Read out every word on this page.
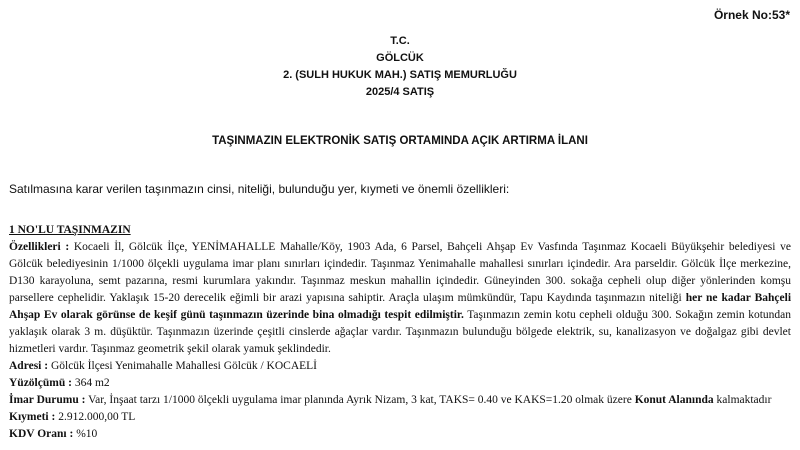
Örnek No:53*
T.C.
GÖLCÜK
2. (SULH HUKUK MAH.) SATIŞ MEMURLUĞU
2025/4 SATIŞ
TAŞINMAZIN ELEKTRONİK SATIŞ ORTAMINDA AÇIK ARTIRMA İLANI
Satılmasına karar verilen taşınmazın cinsi, niteliği, bulunduğu yer, kıymeti ve önemli özellikleri:
1 NO'LU TAŞINMAZIN
Özellikleri : Kocaeli İl, Gölcük İlçe, YENİMAHALLE Mahalle/Köy, 1903 Ada, 6 Parsel, Bahçeli Ahşap Ev Vasfında Taşınmaz Kocaeli Büyükşehir belediyesi ve Gölcük belediyesinin 1/1000 ölçekli uygulama imar planı sınırları içindedir. Taşınmaz Yenimahalle mahallesi sınırları içindedir. Ara parseldir. Gölcük İlçe merkezine, D130 karayoluna, semt pazarına, resmi kurumlara yakındır. Taşınmaz meskun mahallin içindedir. Güneyinden 300. sokağa cepheli olup diğer yönlerinden komşu parsellere cephelidir. Yaklaşık 15-20 derecelik eğimli bir arazi yapısına sahiptir. Araçla ulaşım mümkündür, Tapu Kaydında taşınmazın niteliği her ne kadar Bahçeli Ahşap Ev olarak görünse de keşif günü taşınmazın üzerinde bina olmadığı tespit edilmiştir. Taşınmazın zemin kotu cepheli olduğu 300. Sokağın zemin kotundan yaklaşık olarak 3 m. düşüktür. Taşınmazın üzerinde çeşitli cinslerde ağaçlar vardır. Taşınmazın bulunduğu bölgede elektrik, su, kanalizasyon ve doğalgaz gibi devlet hizmetleri vardır. Taşınmaz geometrik şekil olarak yamuk şeklindedir.
Adresi : Gölcük İlçesi Yenimahalle Mahallesi Gölcük / KOCAELİ
Yüzölçümü : 364 m2
İmar Durumu : Var, İnşaat tarzı 1/1000 ölçekli uygulama imar planında Ayrık Nizam, 3 kat, TAKS= 0.40 ve KAKS=1.20 olmak üzere Konut Alanında kalmaktadır
Kıymeti : 2.912.000,00 TL
KDV Oranı : %10
